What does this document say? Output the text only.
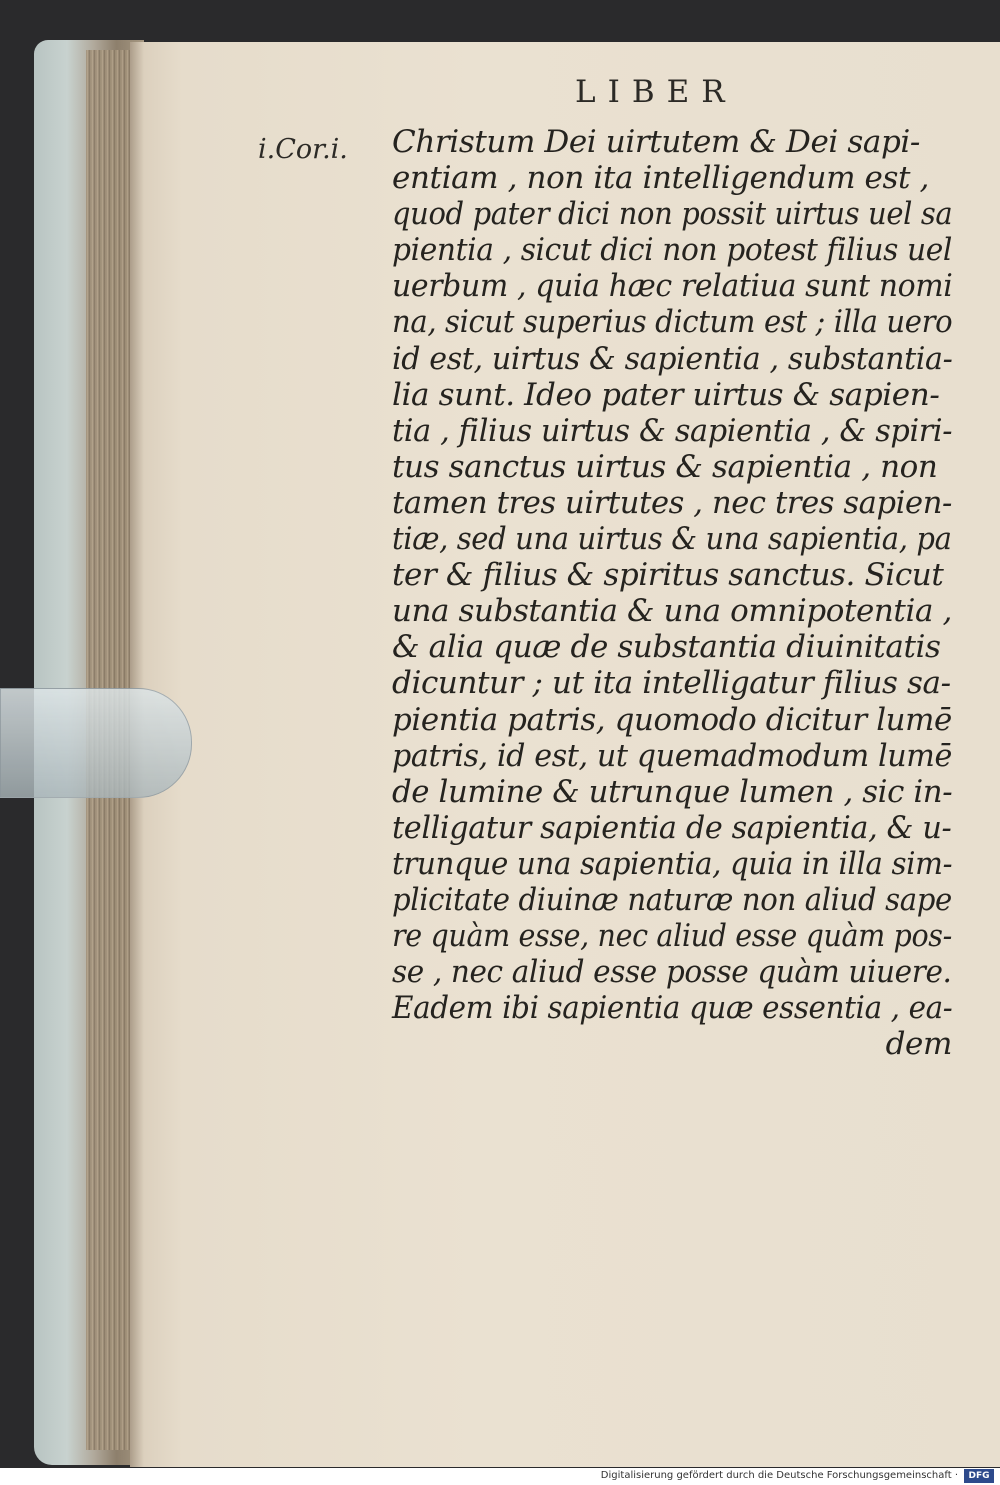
LIBER
i.Cor.i. Christum Dei uirtutem & Dei sapi-
entiam , non ita intelligendum est ,
quod pater dici non possit uirtus uel sa
pientia , sicut dici non potest filius uel
uerbum , quia hæc relatiua sunt nomi
na, sicut superius dictum est ; illa uero
id est, uirtus & sapientia , substantia-
lia sunt. Ideo pater uirtus & sapien-
tia , filius uirtus & sapientia , & spiri-
tus sanctus uirtus & sapientia , non
tamen tres uirtutes , nec tres sapien-
tiæ, sed una uirtus & una sapientia, pa
ter & filius & spiritus sanctus. Sicut
una substantia & una omnipotentia ,
& alia quæ de substantia diuinitatis
dicuntur ; ut ita intelligatur filius sa-
pientia patris, quomodo dicitur lumē
patris, id est, ut quemadmodum lumē
de lumine & utrunque lumen , sic in-
telligatur sapientia de sapientia, & u-
trunque una sapientia, quia in illa sim-
plicitate diuinæ naturæ non aliud sape
re quàm esse, nec aliud esse quàm pos-
se , nec aliud esse posse quàm uiuere.
Eadem ibi sapientia quæ essentia , ea-
dem
Digitalisierung gefördert durch die Deutsche Forschungsgemeinschaft ·	DFG
